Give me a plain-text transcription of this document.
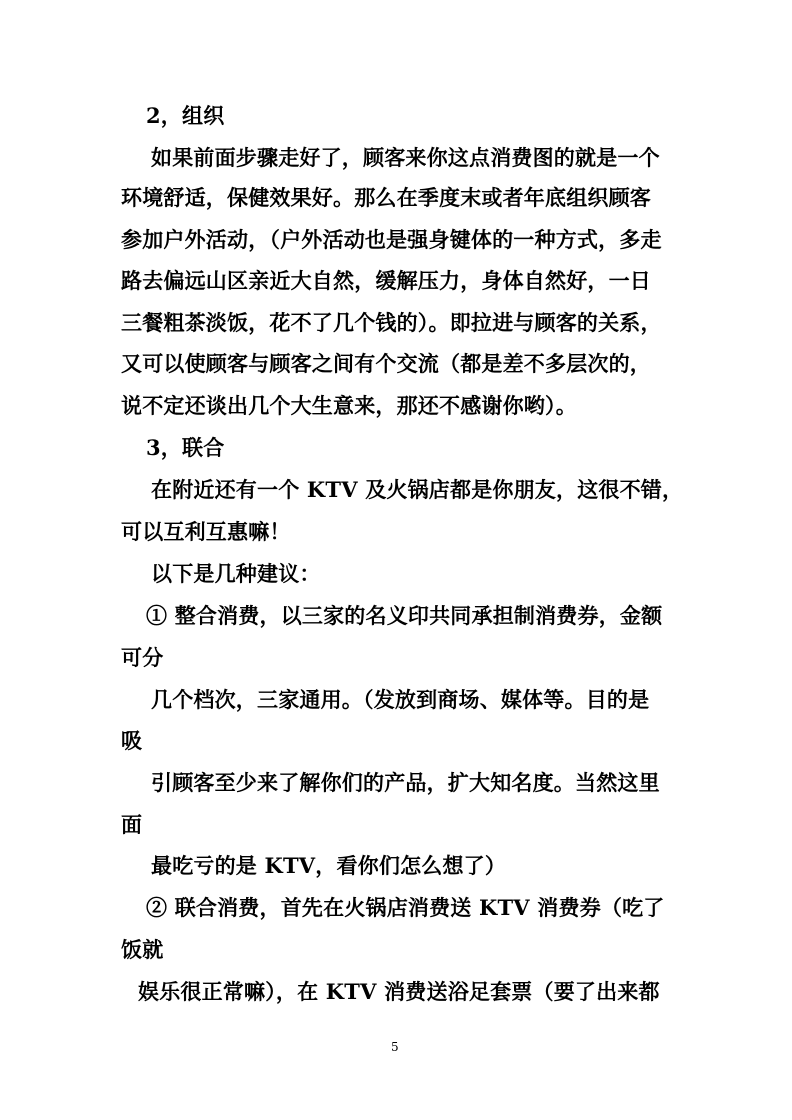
2，组织
如果前面步骤走好了，顾客来你这点消费图的就是一个
环境舒适，保健效果好。那么在季度末或者年底组织顾客
参加户外活动，（户外活动也是强身键体的一种方式，多走
路去偏远山区亲近大自然，缓解压力，身体自然好，一日
三餐粗茶淡饭，花不了几个钱的）。即拉进与顾客的关系，
又可以使顾客与顾客之间有个交流（都是差不多层次的，
说不定还谈出几个大生意来，那还不感谢你哟）。
3，联合
在附近还有一个 KTV 及火锅店都是你朋友，这很不错，
可以互利互惠嘛！
以下是几种建议：
① 整合消费，以三家的名义印共同承担制消费券，金额
可分
几个档次，三家通用。（发放到商场、媒体等。目的是
吸
引顾客至少来了解你们的产品，扩大知名度。当然这里
面
最吃亏的是 KTV，看你们怎么想了）
② 联合消费，首先在火锅店消费送 KTV 消费券（吃了
饭就
娱乐很正常嘛），在 KTV 消费送浴足套票（要了出来都
5
